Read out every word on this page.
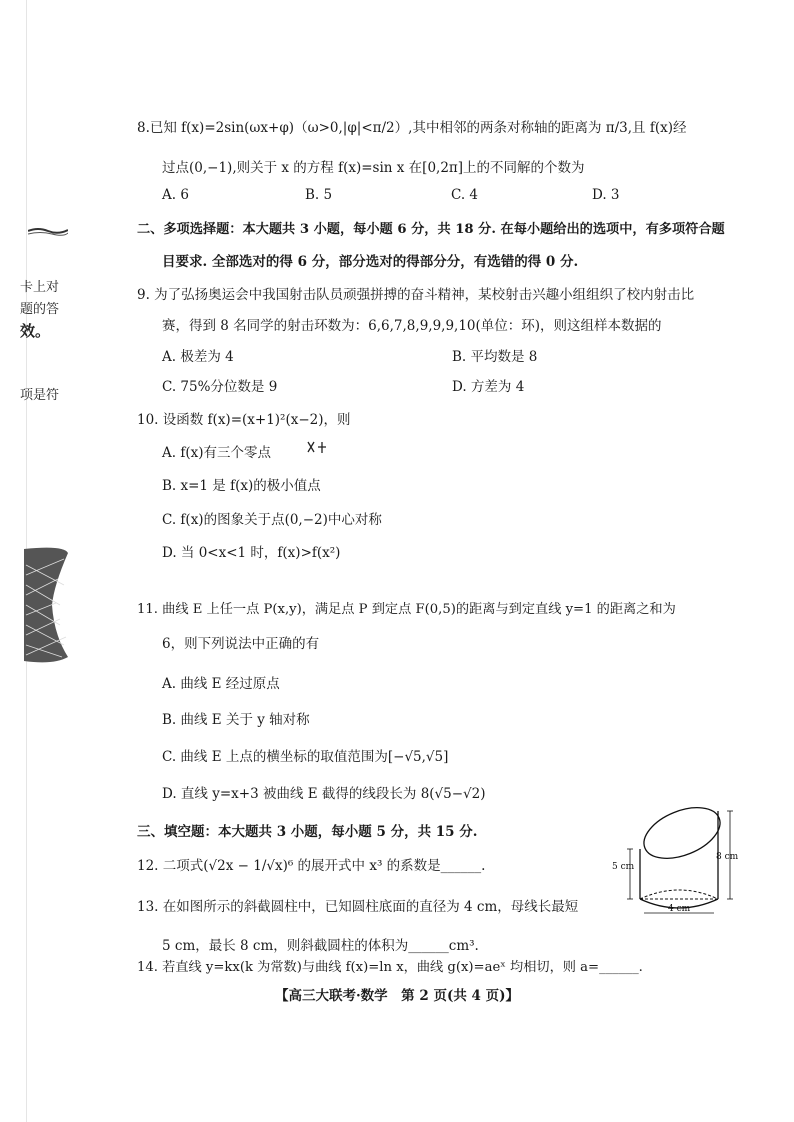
卡上对
题的答
效。
项是符
8.已知 f(x)=2sin(ωx+φ)（ω>0,|φ|<π/2）,其中相邻的两条对称轴的距离为 π/3,且 f(x)经
过点(0,−1),则关于 x 的方程 f(x)=sin x 在[0,2π]上的不同解的个数为
A. 6	B. 5	C. 4	D. 3
二、多项选择题：本大题共 3 小题，每小题 6 分，共 18 分. 在每小题给出的选项中，有多项符合题
目要求. 全部选对的得 6 分，部分选对的得部分分，有选错的得 0 分.
9. 为了弘扬奥运会中我国射击队员顽强拼搏的奋斗精神，某校射击兴趣小组组织了校内射击比
赛，得到 8 名同学的射击环数为：6,6,7,8,9,9,9,10(单位：环)，则这组样本数据的
A. 极差为 4	B. 平均数是 8
C. 75%分位数是 9	D. 方差为 4
10. 设函数 f(x)=(x+1)²(x−2)，则
A. f(x)有三个零点
B. x=1 是 f(x)的极小值点
C. f(x)的图象关于点(0,−2)中心对称
D. 当 0<x<1 时，f(x)>f(x²)
11. 曲线 E 上任一点 P(x,y)，满足点 P 到定点 F(0,5)的距离与到定直线 y=1 的距离之和为
6，则下列说法中正确的有
A. 曲线 E 经过原点
B. 曲线 E 关于 y 轴对称
C. 曲线 E 上点的横坐标的取值范围为[−√5,√5]
D. 直线 y=x+3 被曲线 E 截得的线段长为 8(√5−√2)
三、填空题：本大题共 3 小题，每小题 5 分，共 15 分.
12. 二项式(√2x − 1/√x)⁶ 的展开式中 x³ 的系数是______.
13. 在如图所示的斜截圆柱中，已知圆柱底面的直径为 4 cm，母线长最短
5 cm，最长 8 cm，则斜截圆柱的体积为______cm³.
14. 若直线 y=kx(k 为常数)与曲线 f(x)=ln x，曲线 g(x)=aeˣ 均相切，则 a=______.
5 cm
8 cm
4 cm
【高三大联考·数学　第 2 页(共 4 页)】
